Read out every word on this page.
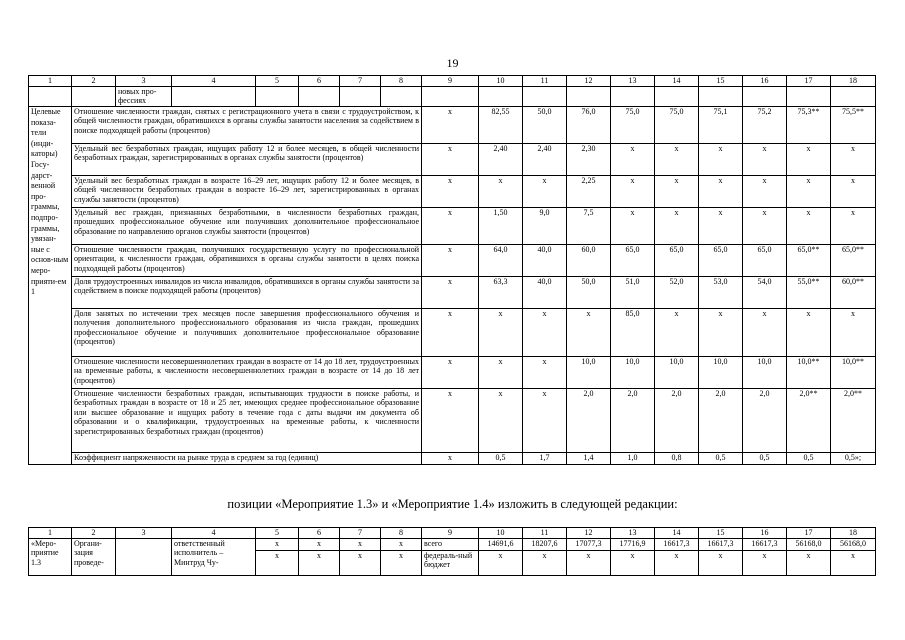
19
1	2	3	4	5	6	7	8	9	10	11	12	13	14	15	16	17	18
		новых про-фессиях															
Целевые показа-тели (инди-каторы) Госу-дарст-венной про-граммы, подпро-граммы, увязан-ные с основ-ным меро-прияти-ем 1	Отношение численности граждан, снятых с регистрационного учета в связи с трудоустройством, к общей численности граждан, обратившихся в органы службы занятости населения за содействием в поиске подходящей работы (процентов)							х	82,55	50,0	76,0	75,0	75,0	75,1	75,2	75,3**	75,5**
	Удельный вес безработных граждан, ищущих работу 12 и более месяцев, в общей численности безработных граждан, зарегистрированных в органах службы занятости (процентов)							х	2,40	2,40	2,30	х	х	х	х	х	х
	Удельный вес безработных граждан в возрасте 16–29 лет, ищущих работу 12 и более месяцев, в общей численности безработных граждан в возрасте 16–29 лет, зарегистрированных в органах службы занятости (процентов)							х	х	х	2,25	х	х	х	х	х	х
	Удельный вес граждан, признанных безработными, в численности безработных граждан, прошедших профессиональное обучение или получивших дополнительное профессиональное образование по направлению органов службы занятости (процентов)							х	1,50	9,0	7,5	х	х	х	х	х	х
	Отношение численности граждан, получивших государственную услугу по профессиональной ориентации, к численности граждан, обратившихся в органы службы занятости в целях поиска подходящей работы (процентов)							х	64,0	40,0	60,0	65,0	65,0	65,0	65,0	65,0**	65,0**
	Доля трудоустроенных инвалидов из числа инвалидов, обратившихся в органы службы занятости за содействием в поиске подходящей работы (процентов)							х	63,3	40,0	50,0	51,0	52,0	53,0	54,0	55,0**	60,0**
	Доля занятых по истечении трех месяцев после завершения профессионального обучения и получения дополнительного профессионального образования из числа граждан, прошедших профессиональное обучение и получивших дополнительное профессиональное образование (процентов)							х	х	х	х	85,0	х	х	х	х	х
	Отношение численности несовершеннолетних граждан в возрасте от 14 до 18 лет, трудоустроенных на временные работы, к численности несовершеннолетних граждан в возрасте от 14 до 18 лет (процентов)							х	х	х	10,0	10,0	10,0	10,0	10,0	10,0**	10,0**
	Отношение численности безработных граждан, испытывающих трудности в поиске работы, и безработных граждан в возрасте от 18 и 25 лет, имеющих среднее профессиональное образование или высшее образование и ищущих работу в течение года с даты выдачи им документа об образовании и о квалификации, трудоустроенных на временные работы, к численности зарегистрированных безработных граждан (процентов)							х	х	х	2,0	2,0	2,0	2,0	2,0	2,0**	2,0**
	Коэффициент напряженности на рынке труда в среднем за год (единиц)							х	0,5	1,7	1,4	1,0	0,8	0,5	0,5	0,5	0,5»;
позиции «Мероприятие 1.3» и «Мероприятие 1.4» изложить в следующей редакции:
1	2	3	4	5	6	7	8	9	10	11	12	13	14	15	16	17	18
«Меро-приятие 1.3	Органи-зация проведе-		ответственный исполнитель – Минтруд Чу-	х	х	х	х	всего	14691,6	18207,6	17077,3	17716,9	16617,3	16617,3	16617,3	56168,0	56168,0
				х	х	х	х	федераль-ный бюджет	х	х	х	х	х	х	х	х	х
